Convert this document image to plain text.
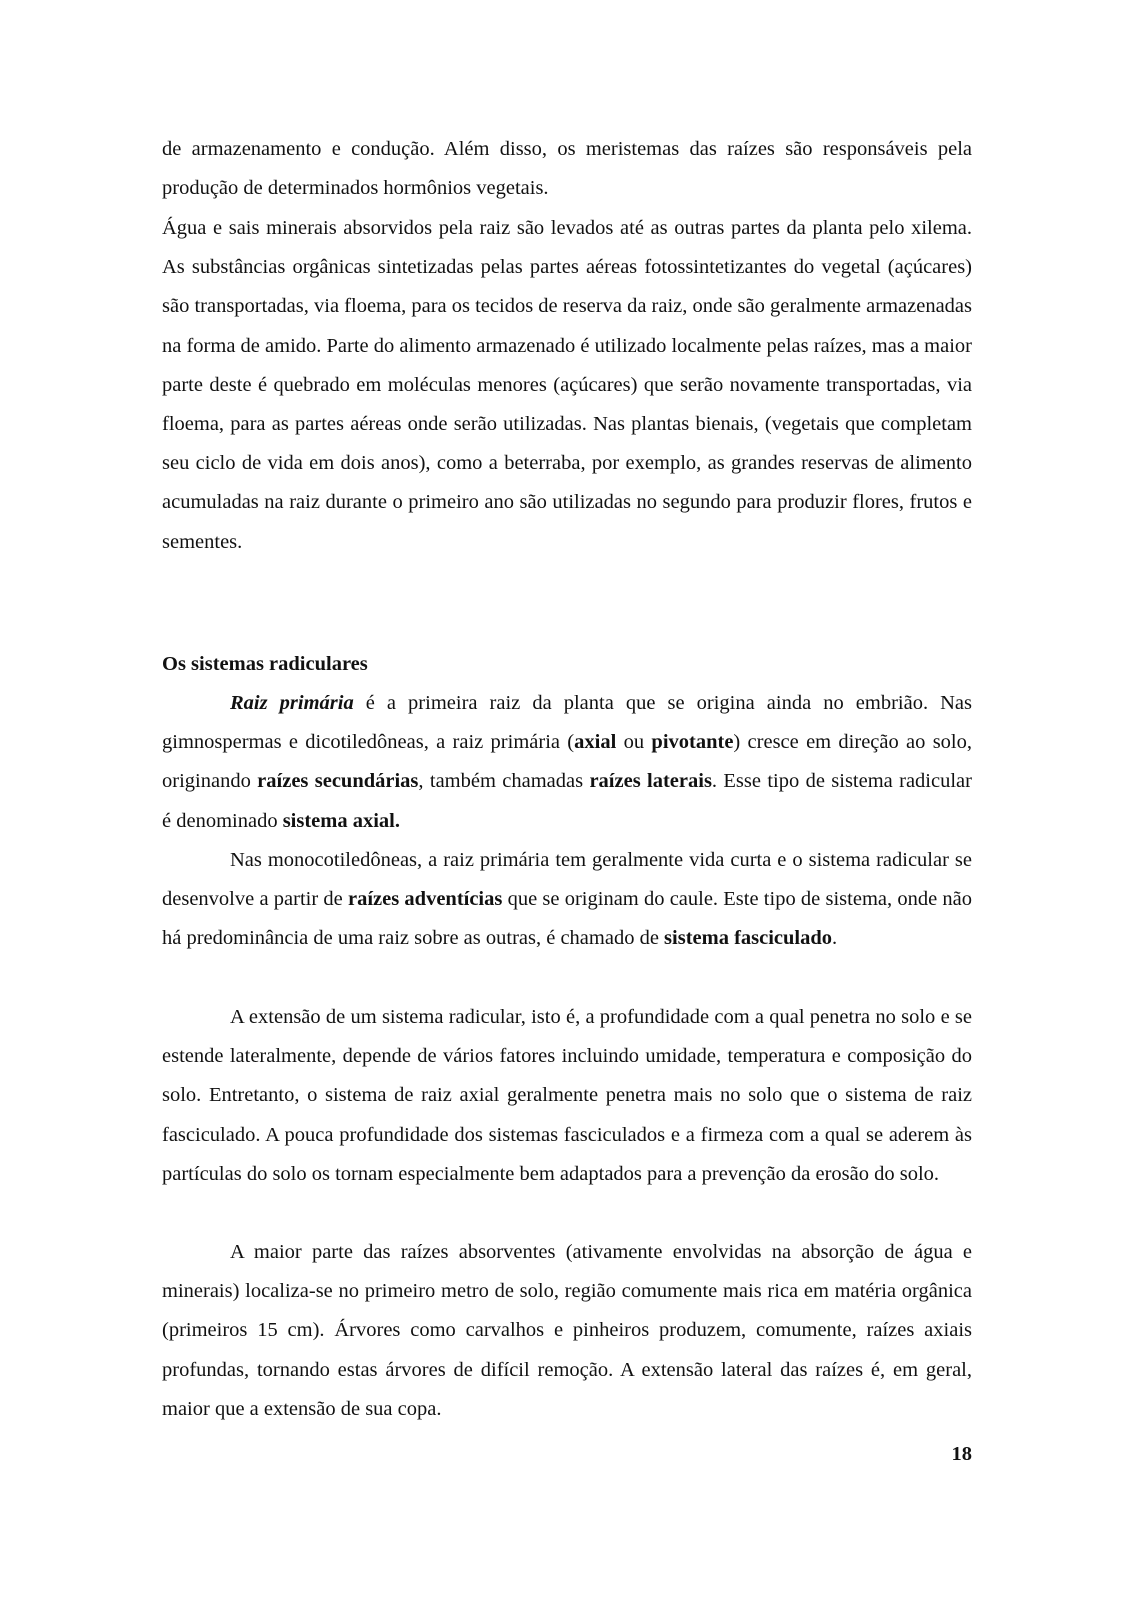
de armazenamento e condução. Além disso, os meristemas das raízes são responsáveis pela produção de determinados hormônios vegetais.

Água e sais minerais absorvidos pela raiz são levados até as outras partes da planta pelo xilema. As substâncias orgânicas sintetizadas pelas partes aéreas fotossintetizantes do vegetal (açúcares) são transportadas, via floema, para os tecidos de reserva da raiz, onde são geralmente armazenadas na forma de amido. Parte do alimento armazenado é utilizado localmente pelas raízes, mas a maior parte deste é quebrado em moléculas menores (açúcares) que serão novamente transportadas, via floema, para as partes aéreas onde serão utilizadas. Nas plantas bienais, (vegetais que completam seu ciclo de vida em dois anos), como a beterraba, por exemplo, as grandes reservas de alimento acumuladas na raiz durante o primeiro ano são utilizadas no segundo para produzir flores, frutos e sementes.

Os sistemas radiculares

Raiz primária é a primeira raiz da planta que se origina ainda no embrião. Nas gimnospermas e dicotiledôneas, a raiz primária (axial ou pivotante) cresce em direção ao solo, originando raízes secundárias, também chamadas raízes laterais. Esse tipo de sistema radicular é denominado sistema axial.

Nas monocotiledôneas, a raiz primária tem geralmente vida curta e o sistema radicular se desenvolve a partir de raízes adventícias que se originam do caule. Este tipo de sistema, onde não há predominância de uma raiz sobre as outras, é chamado de sistema fasciculado.

A extensão de um sistema radicular, isto é, a profundidade com a qual penetra no solo e se estende lateralmente, depende de vários fatores incluindo umidade, temperatura e composição do solo. Entretanto, o sistema de raiz axial geralmente penetra mais no solo que o sistema de raiz fasciculado. A pouca profundidade dos sistemas fasciculados e a firmeza com a qual se aderem às partículas do solo os tornam especialmente bem adaptados para a prevenção da erosão do solo.

A maior parte das raízes absorventes (ativamente envolvidas na absorção de água e minerais) localiza-se no primeiro metro de solo, região comumente mais rica em matéria orgânica (primeiros 15 cm). Árvores como carvalhos e pinheiros produzem, comumente, raízes axiais profundas, tornando estas árvores de difícil remoção. A extensão lateral das raízes é, em geral, maior que a extensão de sua copa.

18
